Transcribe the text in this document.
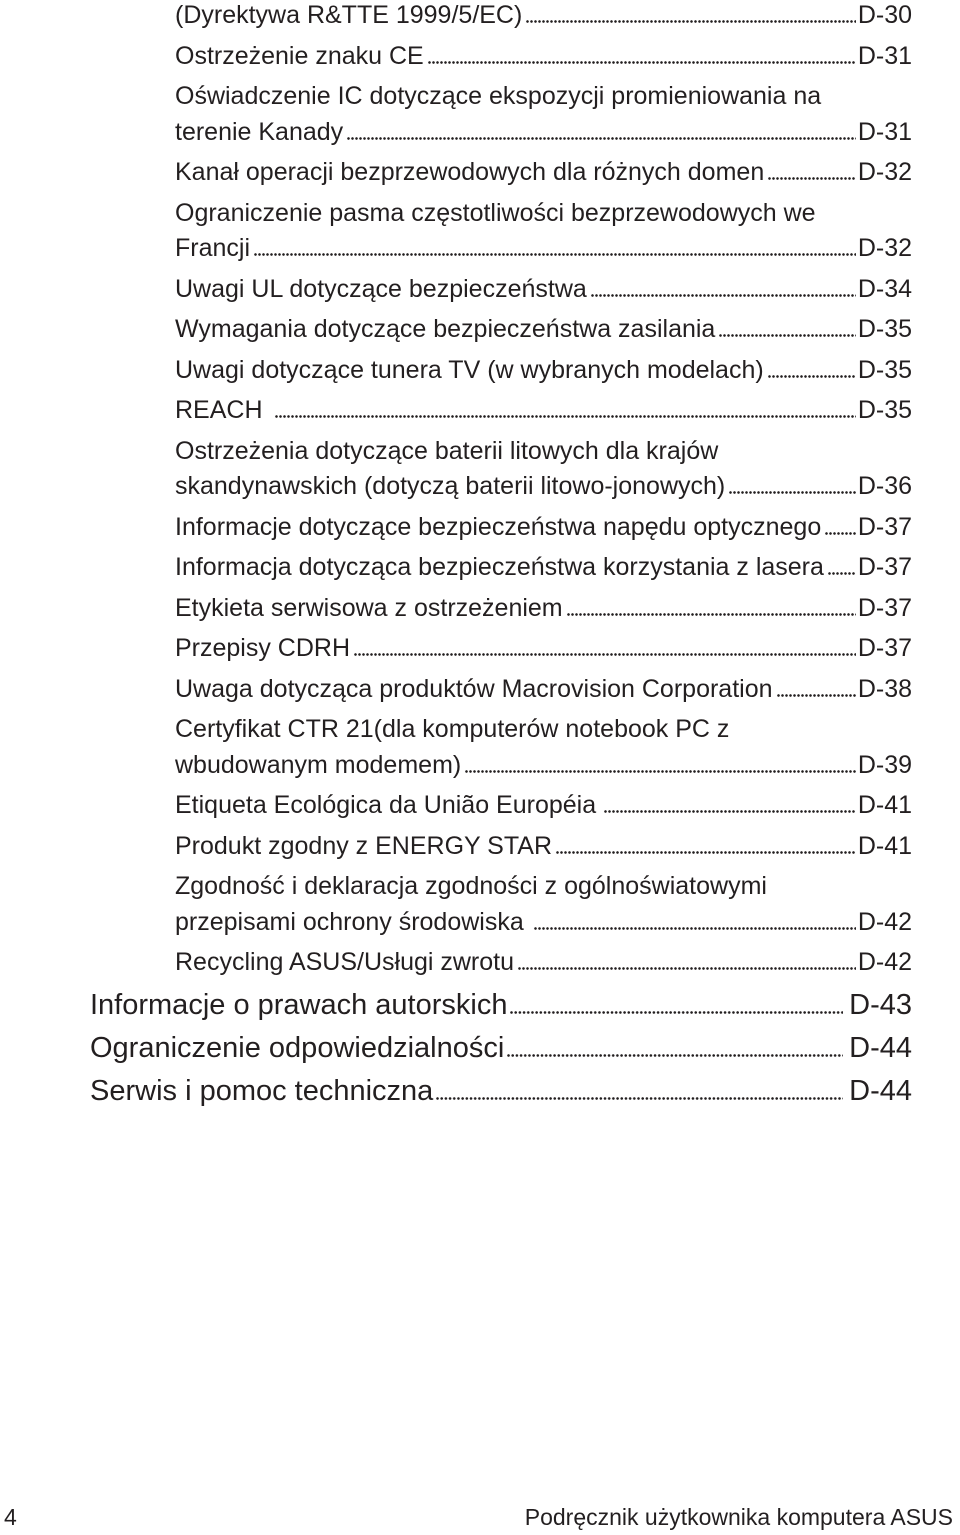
(Dyrektywa R&TTE 1999/5/EC)	D-30
Ostrzeżenie znaku CE	D-31
Oświadczenie IC dotyczące ekspozycji promieniowania na
terenie Kanady	D-31
Kanał operacji bezprzewodowych dla różnych domen	D-32
Ograniczenie pasma częstotliwości bezprzewodowych we
Francji	D-32
Uwagi UL dotyczące bezpieczeństwa	D-34
Wymagania dotyczące bezpieczeństwa zasilania	D-35
Uwagi dotyczące tunera TV (w wybranych modelach)	D-35
REACH	D-35
Ostrzeżenia dotyczące baterii litowych dla krajów
skandynawskich (dotyczą baterii litowo-jonowych)	D-36
Informacje dotyczące bezpieczeństwa napędu optycznego D-37
Informacja dotycząca bezpieczeństwa korzystania z lasera D-37
Etykieta serwisowa z ostrzeżeniem	D-37
Przepisy CDRH	D-37
Uwaga dotycząca produktów Macrovision Corporation	D-38
Certyfikat CTR 21(dla komputerów notebook PC z
wbudowanym modemem)	D-39
Etiqueta Ecológica da União Européia	D-41
Produkt zgodny z ENERGY STAR	D-41
Zgodność i deklaracja zgodności z ogólnoświatowymi
przepisami ochrony środowiska	D-42
Recycling ASUS/Usługi zwrotu	D-42
Informacje o prawach autorskich	D-43
Ograniczenie odpowiedzialności	D-44
Serwis i pomoc techniczna	D-44
4	Podręcznik użytkownika komputera ASUS
